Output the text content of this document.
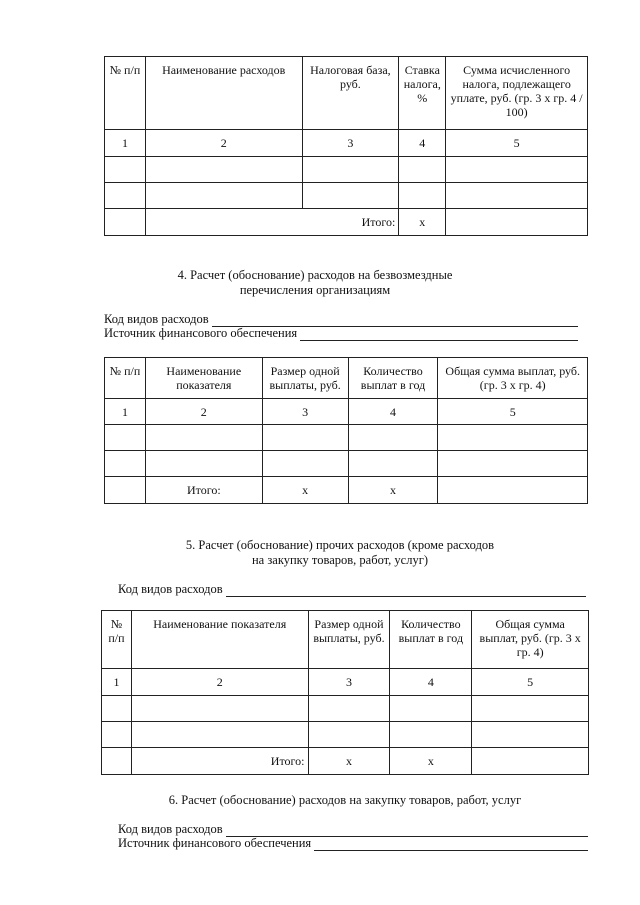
№ п/п	Наименование расходов	Налоговая база, руб.	Ставка налога, %	Сумма исчисленного налога, подлежащего уплате, руб. (гр. 3 x гр. 4 / 100)
1	2	3	4	5

	Итого:		x	
4. Расчет (обоснование) расходов на безвозмездные
перечисления организациям
Код видов расходов
Источник финансового обеспечения
№ п/п	Наименование показателя	Размер одной выплаты, руб.	Количество выплат в год	Общая сумма выплат, руб. (гр. 3 x гр. 4)
1	2	3	4	5

	Итого:	x	x	
5. Расчет (обоснование) прочих расходов (кроме расходов
на закупку товаров, работ, услуг)
Код видов расходов
№ п/п	Наименование показателя	Размер одной выплаты, руб.	Количество выплат в год	Общая сумма выплат, руб. (гр. 3 x гр. 4)
1	2	3	4	5

	Итого:	x	x	
6. Расчет (обоснование) расходов на закупку товаров, работ, услуг
Код видов расходов
Источник финансового обеспечения
